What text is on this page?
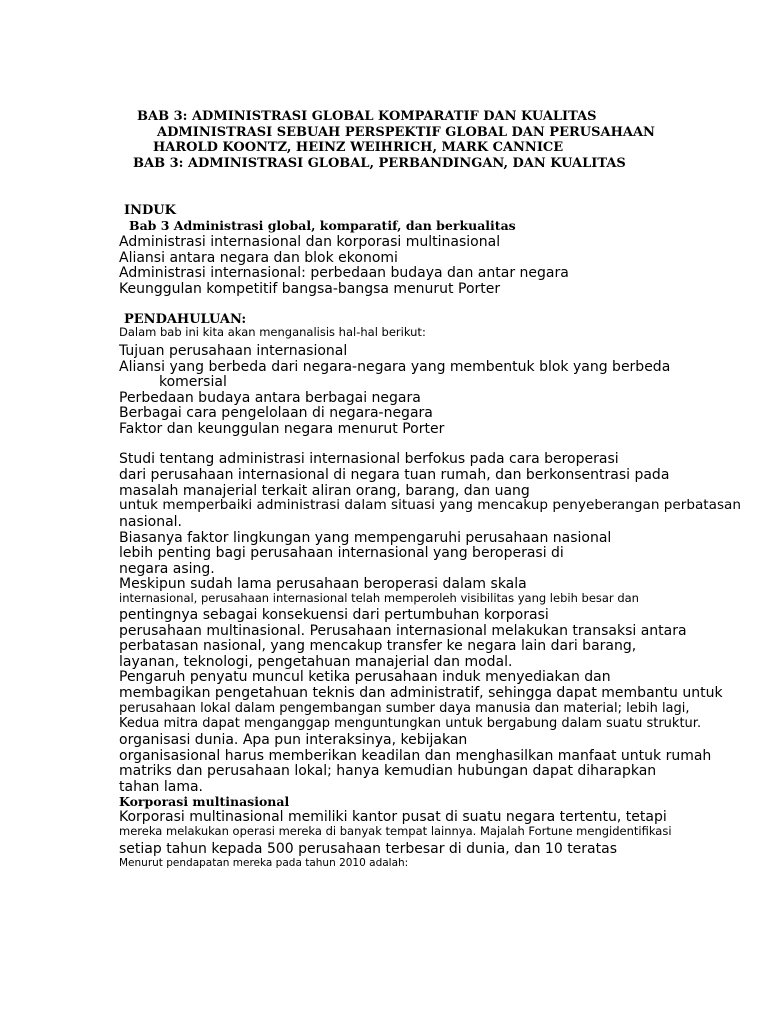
BAB 3: ADMINISTRASI GLOBAL KOMPARATIF DAN KUALITAS
ADMINISTRASI SEBUAH PERSPEKTIF GLOBAL DAN PERUSAHAAN
HAROLD KOONTZ, HEINZ WEIHRICH, MARK CANNICE
BAB 3: ADMINISTRASI GLOBAL, PERBANDINGAN, DAN KUALITAS
INDUK
Bab 3 Administrasi global, komparatif, dan berkualitas
Administrasi internasional dan korporasi multinasional
Aliansi antara negara dan blok ekonomi
Administrasi internasional: perbedaan budaya dan antar negara
Keunggulan kompetitif bangsa-bangsa menurut Porter
PENDAHULUAN:
Dalam bab ini kita akan menganalisis hal-hal berikut:
Tujuan perusahaan internasional
Aliansi yang berbeda dari negara-negara yang membentuk blok yang berbeda
komersial
Perbedaan budaya antara berbagai negara
Berbagai cara pengelolaan di negara-negara
Faktor dan keunggulan negara menurut Porter
Studi tentang administrasi internasional berfokus pada cara beroperasi
dari perusahaan internasional di negara tuan rumah, dan berkonsentrasi pada
masalah manajerial terkait aliran orang, barang, dan uang
untuk memperbaiki administrasi dalam situasi yang mencakup penyeberangan perbatasan
nasional.
Biasanya faktor lingkungan yang mempengaruhi perusahaan nasional
lebih penting bagi perusahaan internasional yang beroperasi di
negara asing.
Meskipun sudah lama perusahaan beroperasi dalam skala
internasional, perusahaan internasional telah memperoleh visibilitas yang lebih besar dan
pentingnya sebagai konsekuensi dari pertumbuhan korporasi
perusahaan multinasional. Perusahaan internasional melakukan transaksi antara
perbatasan nasional, yang mencakup transfer ke negara lain dari barang,
layanan, teknologi, pengetahuan manajerial dan modal.
Pengaruh penyatu muncul ketika perusahaan induk menyediakan dan
membagikan pengetahuan teknis dan administratif, sehingga dapat membantu untuk
perusahaan lokal dalam pengembangan sumber daya manusia dan material; lebih lagi,
Kedua mitra dapat menganggap menguntungkan untuk bergabung dalam suatu struktur.
organisasi dunia. Apa pun interaksinya, kebijakan
organisasional harus memberikan keadilan dan menghasilkan manfaat untuk rumah
matriks dan perusahaan lokal; hanya kemudian hubungan dapat diharapkan
tahan lama.
Korporasi multinasional
Korporasi multinasional memiliki kantor pusat di suatu negara tertentu, tetapi
mereka melakukan operasi mereka di banyak tempat lainnya. Majalah Fortune mengidentifikasi
setiap tahun kepada 500 perusahaan terbesar di dunia, dan 10 teratas
Menurut pendapatan mereka pada tahun 2010 adalah:
